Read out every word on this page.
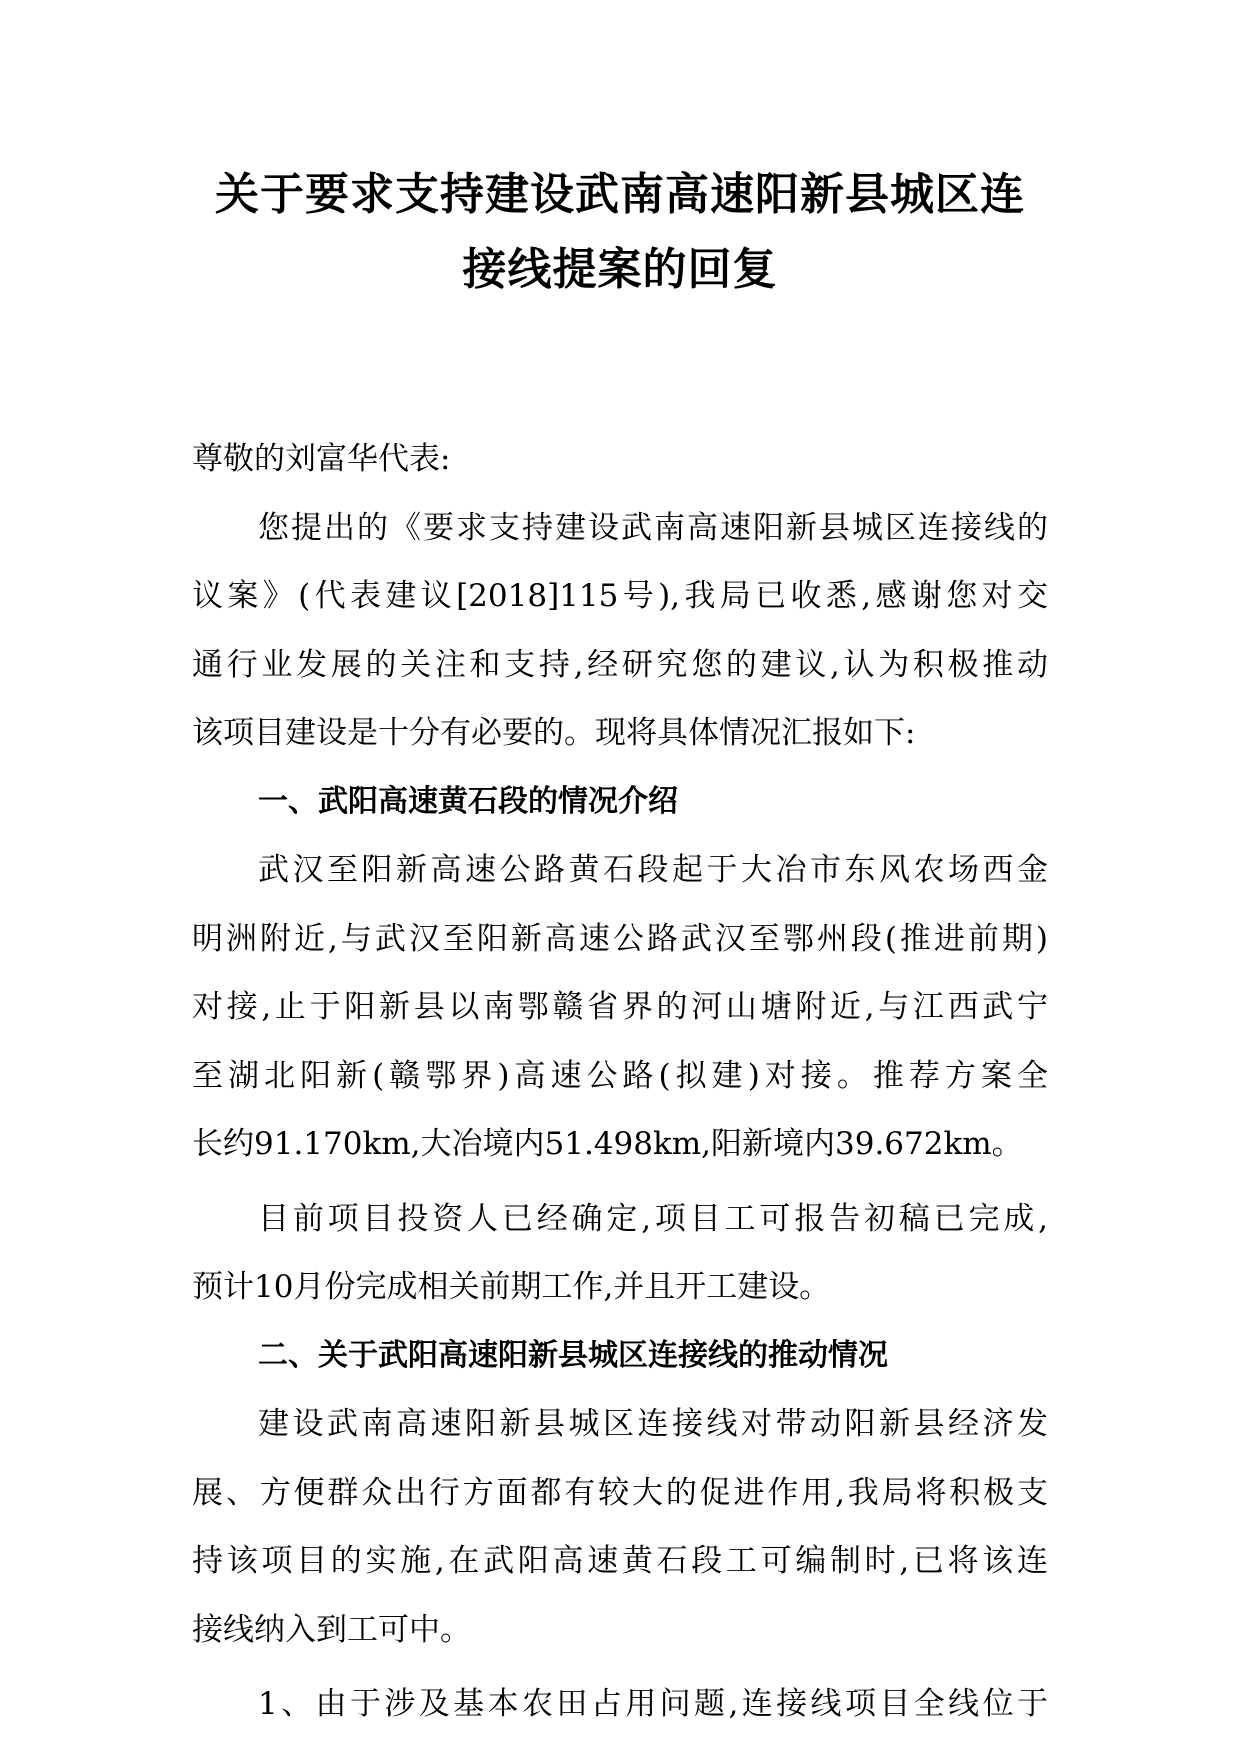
关于要求支持建设武南高速阳新县城区连
接线提案的回复
尊敬的刘富华代表:
您提出的《要求支持建设武南高速阳新县城区连接线的
议案》(代表建议[2018]115号),我局已收悉,感谢您对交
通行业发展的关注和支持,经研究您的建议,认为积极推动
该项目建设是十分有必要的。现将具体情况汇报如下:
一、武阳高速黄石段的情况介绍
武汉至阳新高速公路黄石段起于大冶市东风农场西金
明洲附近,与武汉至阳新高速公路武汉至鄂州段(推进前期)
对接,止于阳新县以南鄂赣省界的河山塘附近,与江西武宁
至湖北阳新(赣鄂界)高速公路(拟建)对接。推荐方案全
长约91.170km,大冶境内51.498km,阳新境内39.672km。
目前项目投资人已经确定,项目工可报告初稿已完成,
预计10月份完成相关前期工作,并且开工建设。
二、关于武阳高速阳新县城区连接线的推动情况
建设武南高速阳新县城区连接线对带动阳新县经济发
展、方便群众出行方面都有较大的促进作用,我局将积极支
持该项目的实施,在武阳高速黄石段工可编制时,已将该连
接线纳入到工可中。
1、由于涉及基本农田占用问题,连接线项目全线位于
